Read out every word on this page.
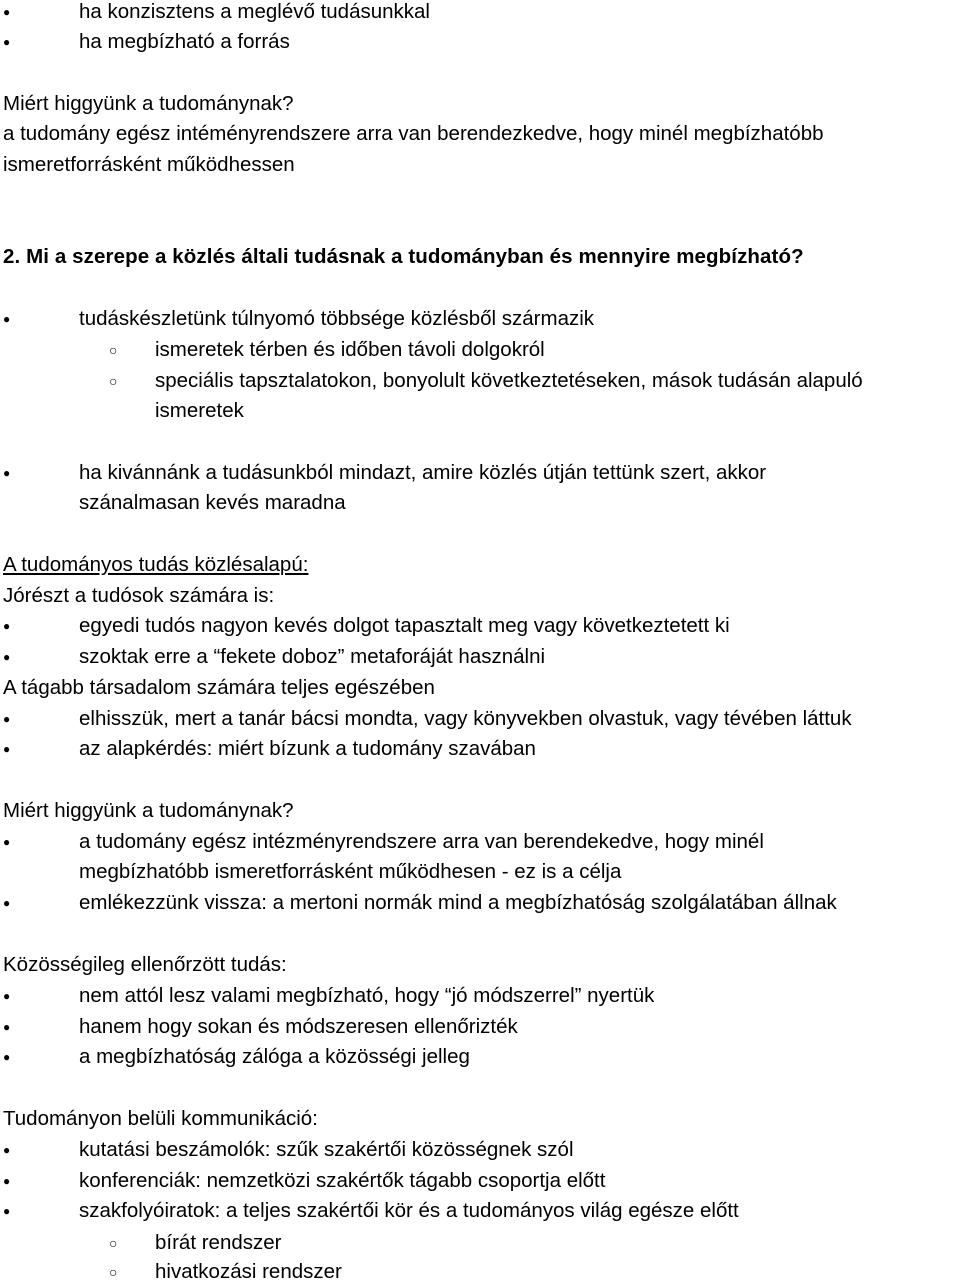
● ha konzisztens a meglévő tudásunkkal

● ha megbízható a forrás

Miért higgyünk a tudománynak?

a tudomány egész intéményrendszere arra van berendezkedve, hogy minél megbízhatóbb

ismeretforrásként működhessen

2. Mi a szerepe a közlés általi tudásnak a tudományban és mennyire megbízható?

● tudáskészletünk túlnyomó többsége közlésből származik

○ ismeretek térben és időben távoli dolgokról

○ speciális tapsztalatokon, bonyolult következtetéseken, mások tudásán alapuló

ismeretek

● ha kivánnánk a tudásunkból mindazt, amire közlés útján tettünk szert, akkor

szánalmasan kevés maradna

A tudományos tudás közlésalapú:

Jórészt a tudósok számára is:

● egyedi tudós nagyon kevés dolgot tapasztalt meg vagy következtetett ki

● szoktak erre a “fekete doboz” metaforáját használni

A tágabb társadalom számára teljes egészében

● elhisszük, mert a tanár bácsi mondta, vagy könyvekben olvastuk, vagy tévében láttuk

● az alapkérdés: miért bízunk a tudomány szavában

Miért higgyünk a tudománynak?

● a tudomány egész intézményrendszere arra van berendekedve, hogy minél

megbízhatóbb ismeretforrásként működhesen - ez is a célja

● emlékezzünk vissza: a mertoni normák mind a megbízhatóság szolgálatában állnak

Közösségileg ellenőrzött tudás:

● nem attól lesz valami megbízható, hogy “jó módszerrel” nyertük

● hanem hogy sokan és módszeresen ellenőrizték

● a megbízhatóság zálóga a közösségi jelleg

Tudományon belüli kommunikáció:

● kutatási beszámolók: szűk szakértői közösségnek szól

● konferenciák: nemzetközi szakértők tágabb csoportja előtt

● szakfolyóiratok: a teljes szakértői kör és a tudományos világ egésze előtt

○ bírát rendszer

○ hivatkozási rendszer
